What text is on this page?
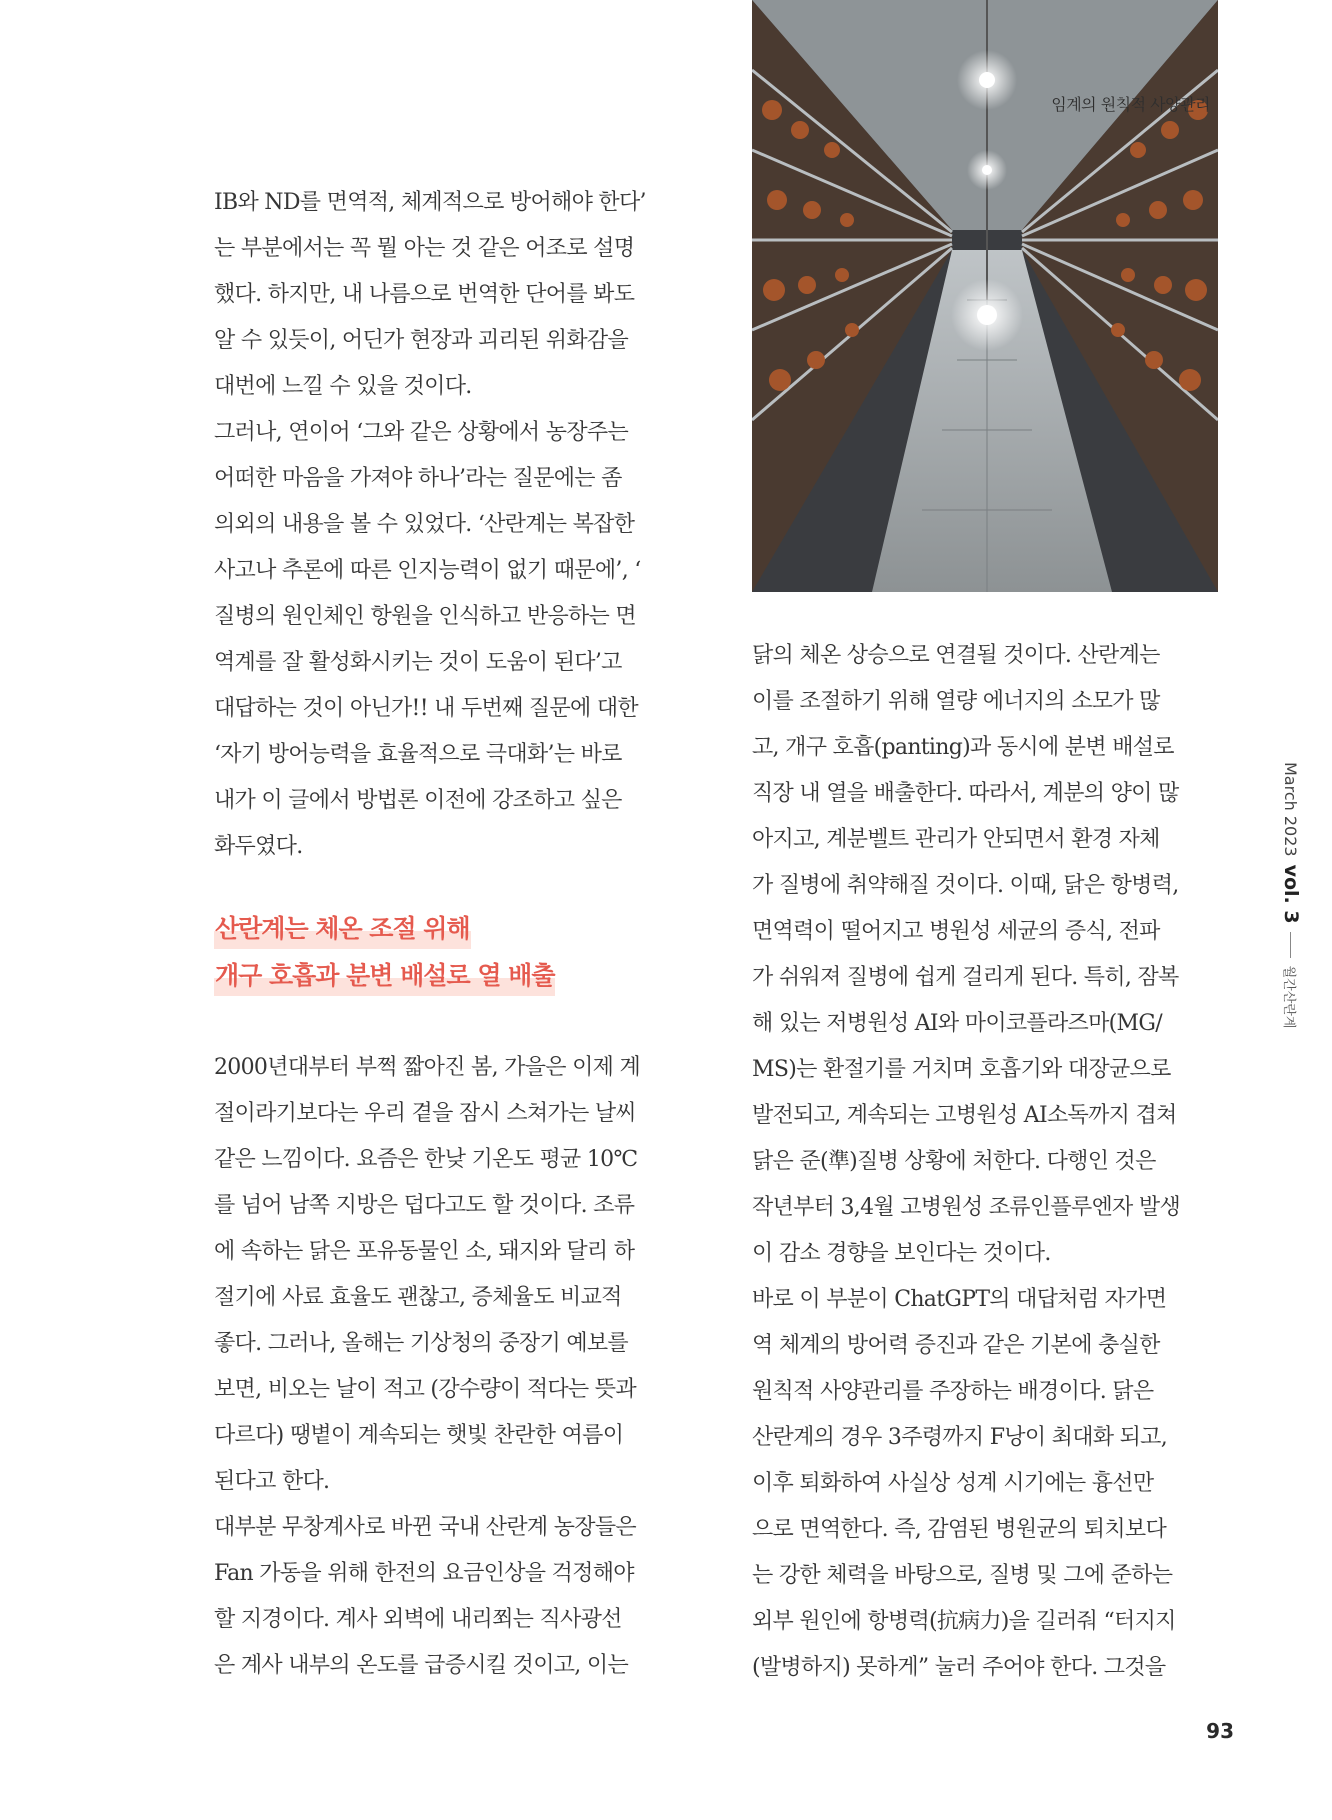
임계의 원칙적 사양관리

IB와 ND를 면역적, 체계적으로 방어해야 한다’
는 부분에서는 꼭 뭘 아는 것 같은 어조로 설명
했다. 하지만, 내 나름으로 번역한 단어를 봐도
알 수 있듯이, 어딘가 현장과 괴리된 위화감을
대번에 느낄 수 있을 것이다.

그러나, 연이어 ‘그와 같은 상황에서 농장주는
어떠한 마음을 가져야 하나’라는 질문에는 좀
의외의 내용을 볼 수 있었다. ‘산란계는 복잡한
사고나 추론에 따른 인지능력이 없기 때문에’, ‘
질병의 원인체인 항원을 인식하고 반응하는 면
역계를 잘 활성화시키는 것이 도움이 된다’고
대답하는 것이 아닌가!! 내 두번째 질문에 대한
‘자기 방어능력을 효율적으로 극대화’는 바로
내가 이 글에서 방법론 이전에 강조하고 싶은
화두였다.

산란계는 체온 조절 위해
개구 호흡과 분변 배설로 열 배출

2000년대부터 부쩍 짧아진 봄, 가을은 이제 계
절이라기보다는 우리 곁을 잠시 스쳐가는 날씨
같은 느낌이다. 요즘은 한낮 기온도 평균 10℃
를 넘어 남쪽 지방은 덥다고도 할 것이다. 조류
에 속하는 닭은 포유동물인 소, 돼지와 달리 하
절기에 사료 효율도 괜찮고, 증체율도 비교적
좋다. 그러나, 올해는 기상청의 중장기 예보를
보면, 비오는 날이 적고 (강수량이 적다는 뜻과
다르다) 땡볕이 계속되는 햇빛 찬란한 여름이
된다고 한다.

대부분 무창계사로 바뀐 국내 산란계 농장들은
Fan 가동을 위해 한전의 요금인상을 걱정해야
할 지경이다. 계사 외벽에 내리쬐는 직사광선
은 계사 내부의 온도를 급증시킬 것이고, 이는

닭의 체온 상승으로 연결될 것이다. 산란계는
이를 조절하기 위해 열량 에너지의 소모가 많
고, 개구 호흡(panting)과 동시에 분변 배설로
직장 내 열을 배출한다. 따라서, 계분의 양이 많
아지고, 계분벨트 관리가 안되면서 환경 자체
가 질병에 취약해질 것이다. 이때, 닭은 항병력,
면역력이 떨어지고 병원성 세균의 증식, 전파
가 쉬워져 질병에 쉽게 걸리게 된다. 특히, 잠복
해 있는 저병원성 AI와 마이코플라즈마(MG/
MS)는 환절기를 거치며 호흡기와 대장균으로
발전되고, 계속되는 고병원성 AI소독까지 겹쳐
닭은 준(準)질병 상황에 처한다. 다행인 것은
작년부터 3,4월 고병원성 조류인플루엔자 발생
이 감소 경향을 보인다는 것이다.

바로 이 부분이 ChatGPT의 대답처럼 자가면
역 체계의 방어력 증진과 같은 기본에 충실한
원칙적 사양관리를 주장하는 배경이다. 닭은
산란계의 경우 3주령까지 F낭이 최대화 되고,
이후 퇴화하여 사실상 성계 시기에는 흉선만
으로 면역한다. 즉, 감염된 병원균의 퇴치보다
는 강한 체력을 바탕으로, 질병 및 그에 준하는
외부 원인에 항병력(抗病力)을 길러줘 “터지지
(발병하지) 못하게” 눌러 주어야 한다. 그것을

March 2023
vol. 3
월간산란계
93
